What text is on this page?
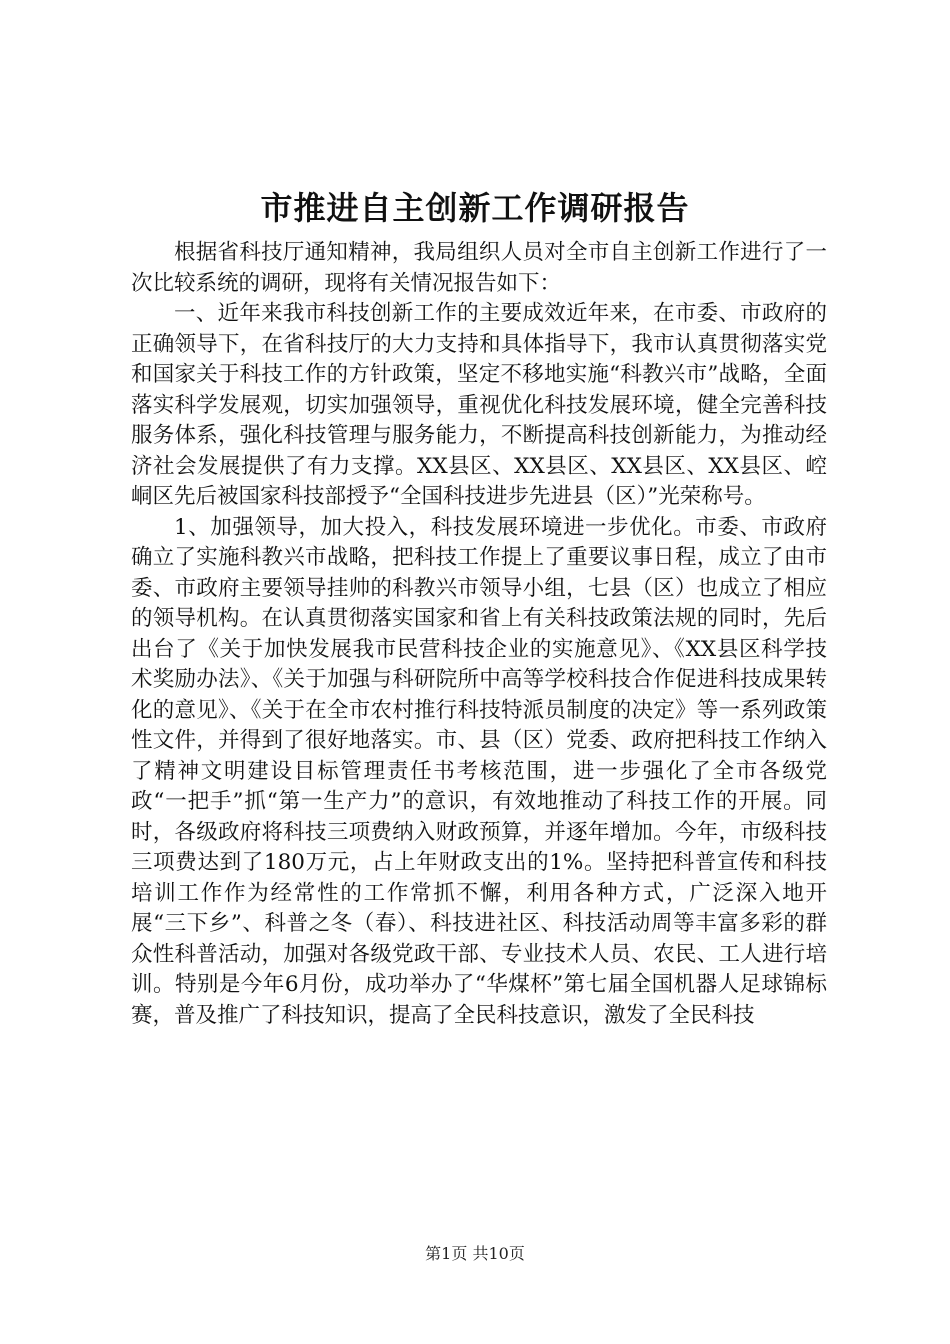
市推进自主创新工作调研报告

根据省科技厅通知精神，我局组织人员对全市自主创新工作进行了一次比较系统的调研，现将有关情况报告如下：

一、近年来我市科技创新工作的主要成效近年来，在市委、市政府的正确领导下，在省科技厅的大力支持和具体指导下，我市认真贯彻落实党和国家关于科技工作的方针政策，坚定不移地实施“科教兴市”战略，全面落实科学发展观，切实加强领导，重视优化科技发展环境，健全完善科技服务体系，强化科技管理与服务能力，不断提高科技创新能力，为推动经济社会发展提供了有力支撑。XX县区、XX县区、XX县区、XX县区、崆峒区先后被国家科技部授予“全国科技进步先进县（区）”光荣称号。

1、加强领导，加大投入，科技发展环境进一步优化。市委、市政府确立了实施科教兴市战略，把科技工作提上了重要议事日程，成立了由市委、市政府主要领导挂帅的科教兴市领导小组，七县（区）也成立了相应的领导机构。在认真贯彻落实国家和省上有关科技政策法规的同时，先后出台了《关于加快发展我市民营科技企业的实施意见》、《XX县区科学技术奖励办法》、《关于加强与科研院所中高等学校科技合作促进科技成果转化的意见》、《关于在全市农村推行科技特派员制度的决定》等一系列政策性文件，并得到了很好地落实。市、县（区）党委、政府把科技工作纳入了精神文明建设目标管理责任书考核范围，进一步强化了全市各级党政“一把手”抓“第一生产力”的意识，有效地推动了科技工作的开展。同时，各级政府将科技三项费纳入财政预算，并逐年增加。今年，市级科技三项费达到了180万元，占上年财政支出的1%。坚持把科普宣传和科技培训工作作为经常性的工作常抓不懈，利用各种方式，广泛深入地开展“三下乡”、科普之冬（春）、科技进社区、科技活动周等丰富多彩的群众性科普活动，加强对各级党政干部、专业技术人员、农民、工人进行培训。特别是今年6月份，成功举办了“华煤杯”第七届全国机器人足球锦标赛，普及推广了科技知识，提高了全民科技意识，激发了全民科技

第1页 共10页
